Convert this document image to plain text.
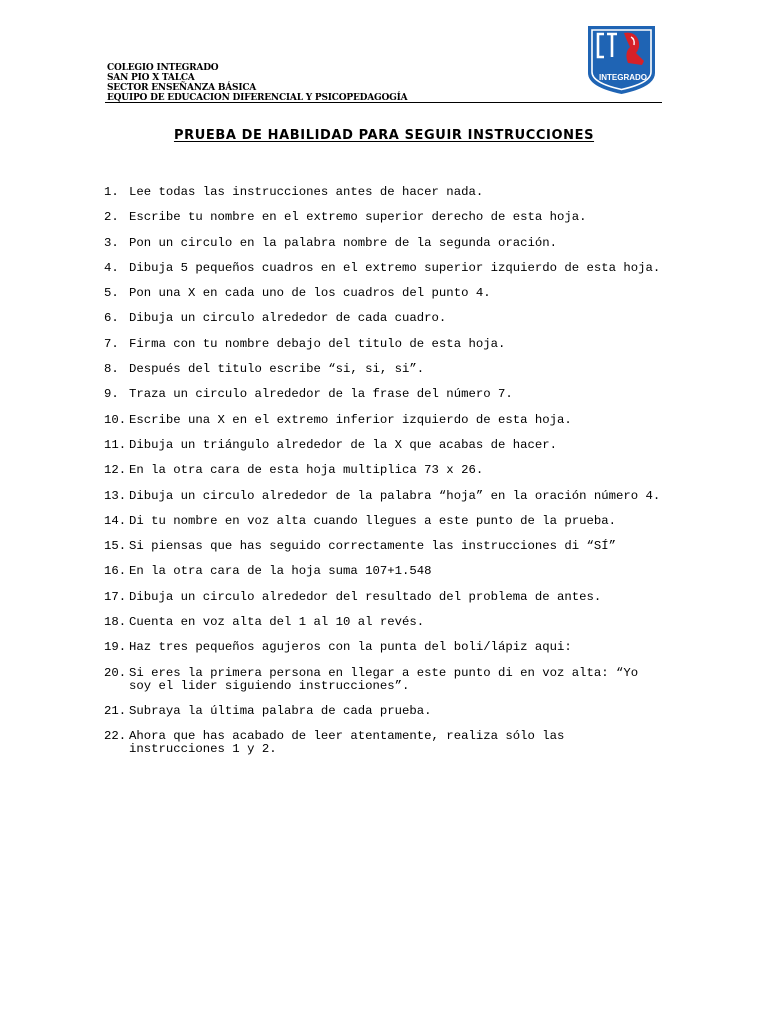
COLEGIO INTEGRADO
SAN PIO X TALCA
SECTOR ENSEÑANZA BÁSICA
EQUIPO DE EDUCACION DIFERENCIAL Y PSICOPEDAGOGÍA
INTEGRADO
PRUEBA DE HABILIDAD PARA SEGUIR INSTRUCCIONES
1. Lee todas las instrucciones antes de hacer nada.
2. Escribe tu nombre en el extremo superior derecho de esta hoja.
3. Pon un circulo en la palabra nombre de la segunda oración.
4. Dibuja 5 pequeños cuadros en el extremo superior izquierdo de esta hoja.
5. Pon una X en cada uno de los cuadros del punto 4.
6. Dibuja un circulo alrededor de cada cuadro.
7. Firma con tu nombre debajo del titulo de esta hoja.
8. Después del titulo escribe “si, si, si”.
9. Traza un circulo alrededor de la frase del número 7.
10. Escribe una X en el extremo inferior izquierdo de esta hoja.
11. Dibuja un triángulo alrededor de la X que acabas de hacer.
12. En la otra cara de esta hoja multiplica 73 x 26.
13. Dibuja un circulo alrededor de la palabra “hoja” en la oración número 4.
14. Di tu nombre en voz alta cuando llegues a este punto de la prueba.
15. Si piensas que has seguido correctamente las instrucciones di “SÍ”
16. En la otra cara de la hoja suma 107+1.548
17. Dibuja un circulo alrededor del resultado del problema de antes.
18. Cuenta en voz alta del 1 al 10 al revés.
19. Haz tres pequeños agujeros con la punta del boli/lápiz aqui:
20. Si eres la primera persona en llegar a este punto di en voz alta: “Yo soy el lider siguiendo instrucciones”.
21. Subraya la última palabra de cada prueba.
22. Ahora que has acabado de leer atentamente, realiza sólo las instrucciones 1 y 2.
